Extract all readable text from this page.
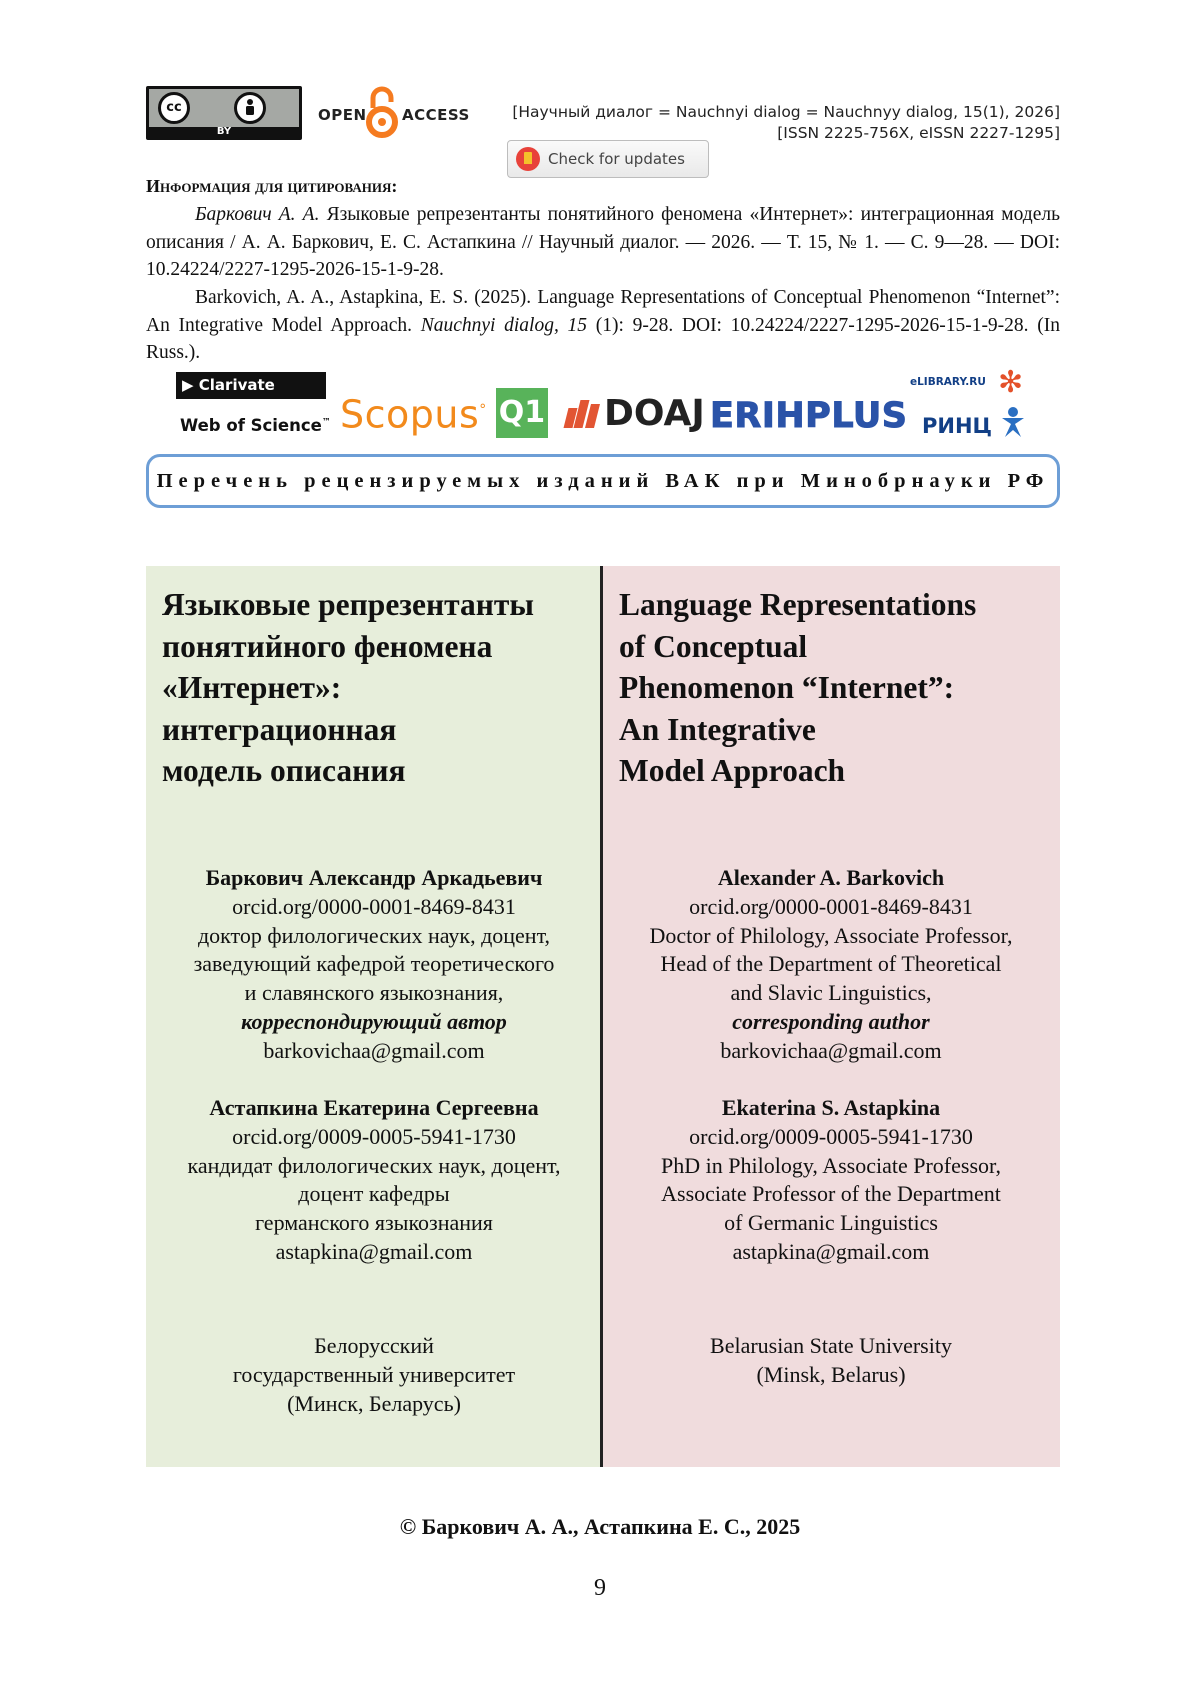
cc
BY
OPEN ACCESS	[Научный диалог = Nauchnyi dialog = Nauchnyy dialog, 15(1), 2026]
[ISSN 2225-756X, eISSN 2227-1295]
Check for updates
Информация для цитирования:
Баркович А. А. Языковые репрезентанты понятийного феномена «Интернет»: интеграционная модель описания / А. А. Баркович, Е. С. Астапкина // Научный диалог. — 2026. — Т. 15, № 1. — С. 9—28. — DOI: 10.24224/2227-1295-2026-15-1-9-28.
Barkovich, A. A., Astapkina, E. S. (2025). Language Representations of Conceptual Phenomenon “Internet”: An Integrative Model Approach. Nauchnyi dialog, 15 (1): 9-28. DOI: 10.24224/2227-1295-2026-15-1-9-28. (In Russ.).
▶ Clarivate
Web of Science™ Scopus° Q1	DOAJ ERIHPLUS
eLIBRARY.RU
РИНЦ
✻
Перечень рецензируемых изданий ВАК при Минобрнауки РФ
Языковые репрезентанты
понятийного феномена
«Интернет»:
интеграционная
модель описания
Language Representations
of Conceptual
Phenomenon “Internet”:
An Integrative
Model Approach
Баркович Александр Аркадьевич
orcid.org/0000-0001-8469-8431
доктор филологических наук, доцент,
заведующий кафедрой теоретического
и славянского языкознания,
корреспондирующий автор
barkovichaa@gmail.com
Alexander A. Barkovich
orcid.org/0000-0001-8469-8431
Doctor of Philology, Associate Professor,
Head of the Department of Theoretical
and Slavic Linguistics,
corresponding author
barkovichaa@gmail.com
Астапкина Екатерина Сергеевна
orcid.org/0009-0005-5941-1730
кандидат филологических наук, доцент,
доцент кафедры
германского языкознания
astapkina@gmail.com
Ekaterina S. Astapkina
orcid.org/0009-0005-5941-1730
PhD in Philology, Associate Professor,
Associate Professor of the Department
of Germanic Linguistics
astapkina@gmail.com
Белорусский
государственный университет
(Минск, Беларусь)
Belarusian State University
(Minsk, Belarus)
© Баркович А. А., Астапкина Е. С., 2025
9
